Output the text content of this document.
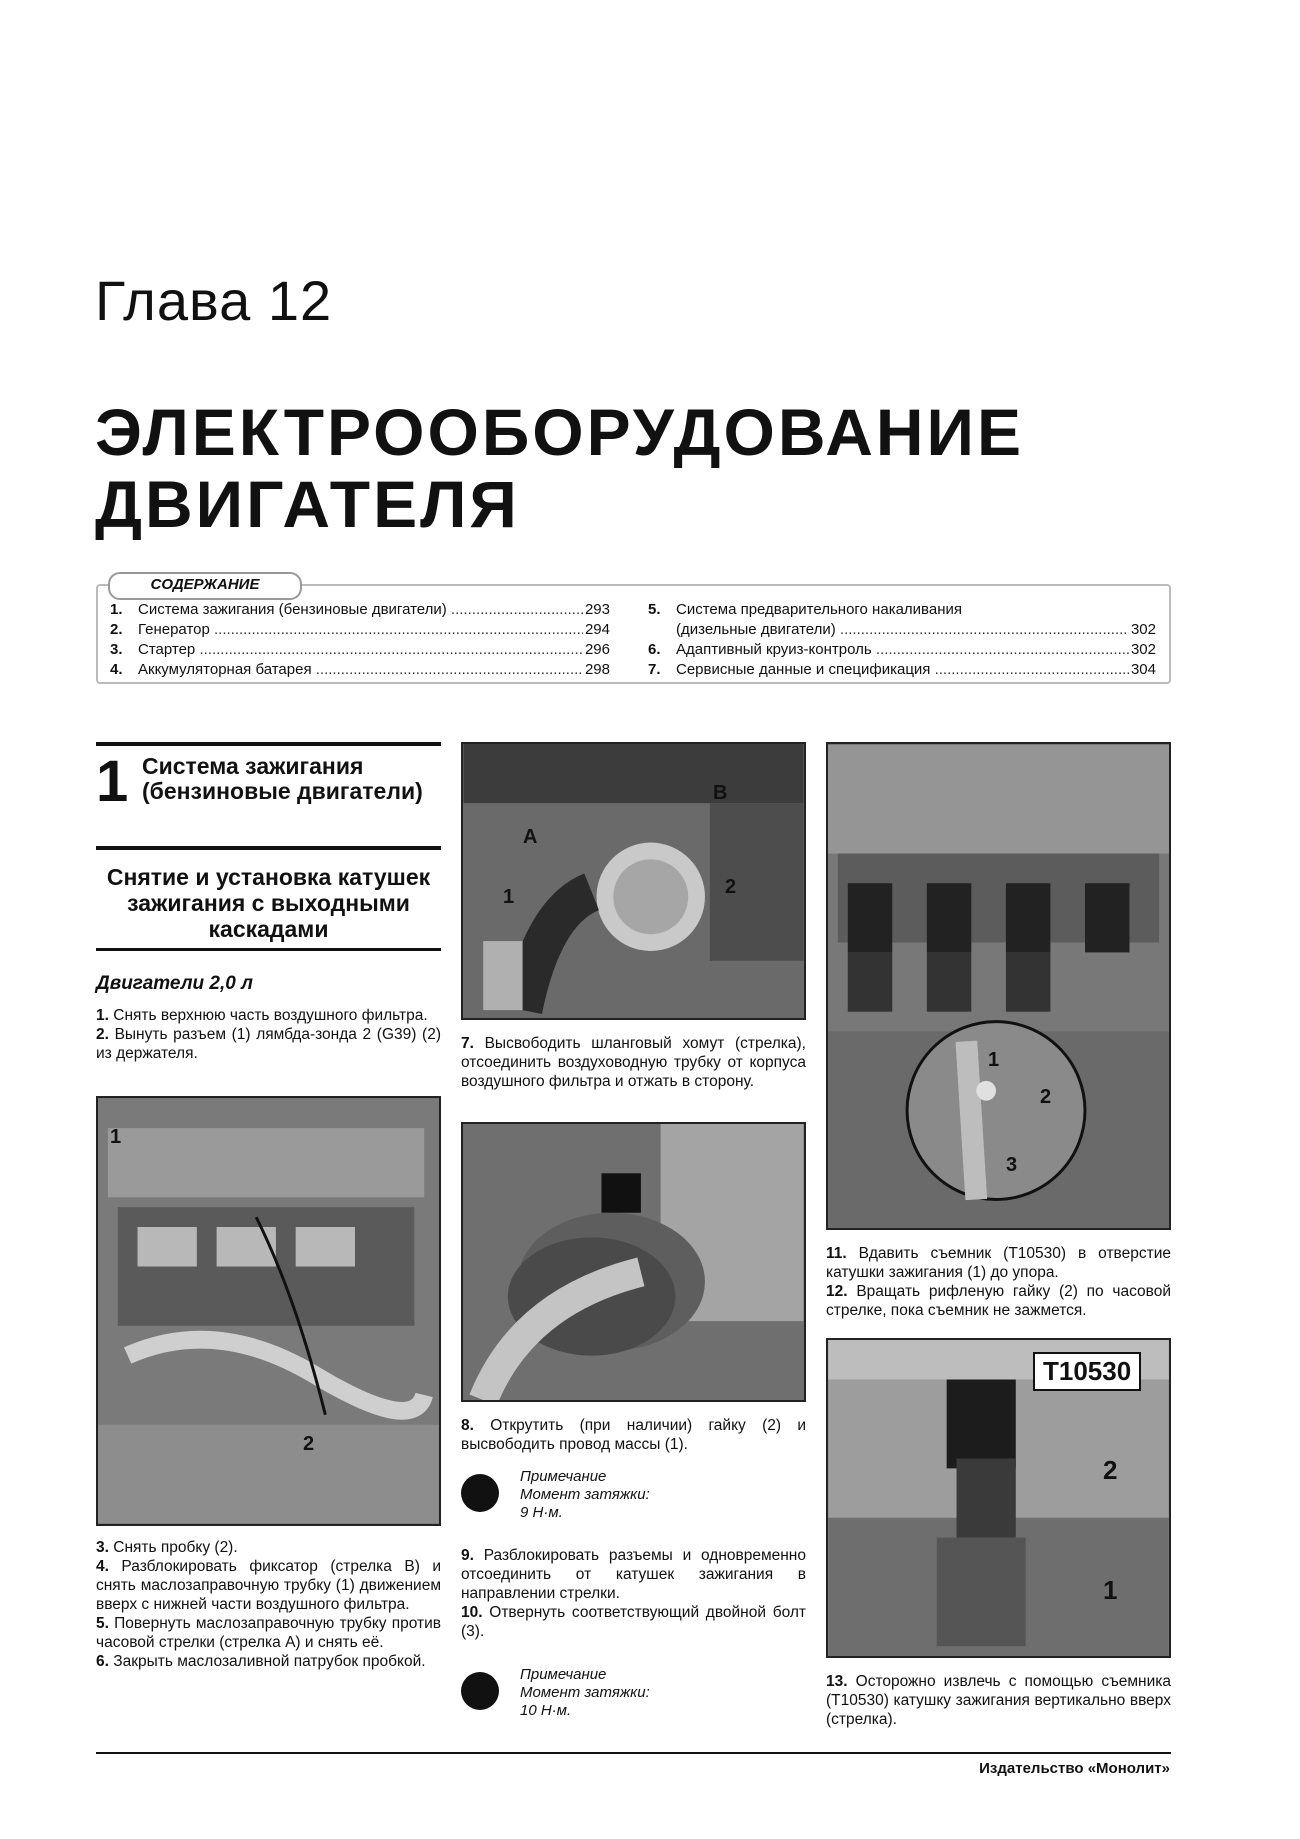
Глава 12
ЭЛЕКТРООБОРУДОВАНИЕ ДВИГАТЕЛЯ
СОДЕРЖАНИЕ
1.	Система зажигания (бензиновые двигатели) .....	293
2.	Генератор .....	294
3.	Стартер .....	296
4.	Аккумуляторная батарея .....	298
5.	Система предварительного накаливания
(дизельные двигатели) .....	302
6.	Адаптивный круиз-контроль .....	302
7.	Сервисные данные и спецификация .....	304
1 Система зажигания (бензиновые двигатели)
Снятие и установка катушек зажигания с выходными каскадами
Двигатели 2,0 л

1. Снять верхнюю часть воздушного фильтра.

2. Вынуть разъем (1) лямбда-зонда 2 (G39) (2) из держателя.

1
2

3. Снять пробку (2).

4. Разблокировать фиксатор (стрелка B) и снять маслозаправочную трубку (1) движением вверх с нижней части воздушного фильтра.

5. Повернуть маслозаправочную трубку против часовой стрелки (стрелка A) и снять её.

6. Закрыть маслозаливной патрубок пробкой.

A
B
1	2

7. Высвободить шланговый хомут (стрелка), отсоединить воздуховодную трубку от корпуса воздушного фильтра и отжать в сторону.

8. Открутить (при наличии) гайку (2) и высвободить провод массы (1).

Примечание
Момент затяжки:
9 Н·м.

9. Разблокировать разъемы и одновременно отсоединить от катушек зажигания в направлении стрелки.

10. Отвернуть соответствующий двойной болт (3).

Примечание
Момент затяжки:
10 Н·м.
1
2
3

11. Вдавить съемник (T10530) в отверстие катушки зажигания (1) до упора.

12. Вращать рифленую гайку (2) по часовой стрелке, пока съемник не зажмется.

T10530
2
1

13. Осторожно извлечь с помощью съемника (T10530) катушку зажигания вертикально вверх (стрелка).

Издательство «Монолит»
